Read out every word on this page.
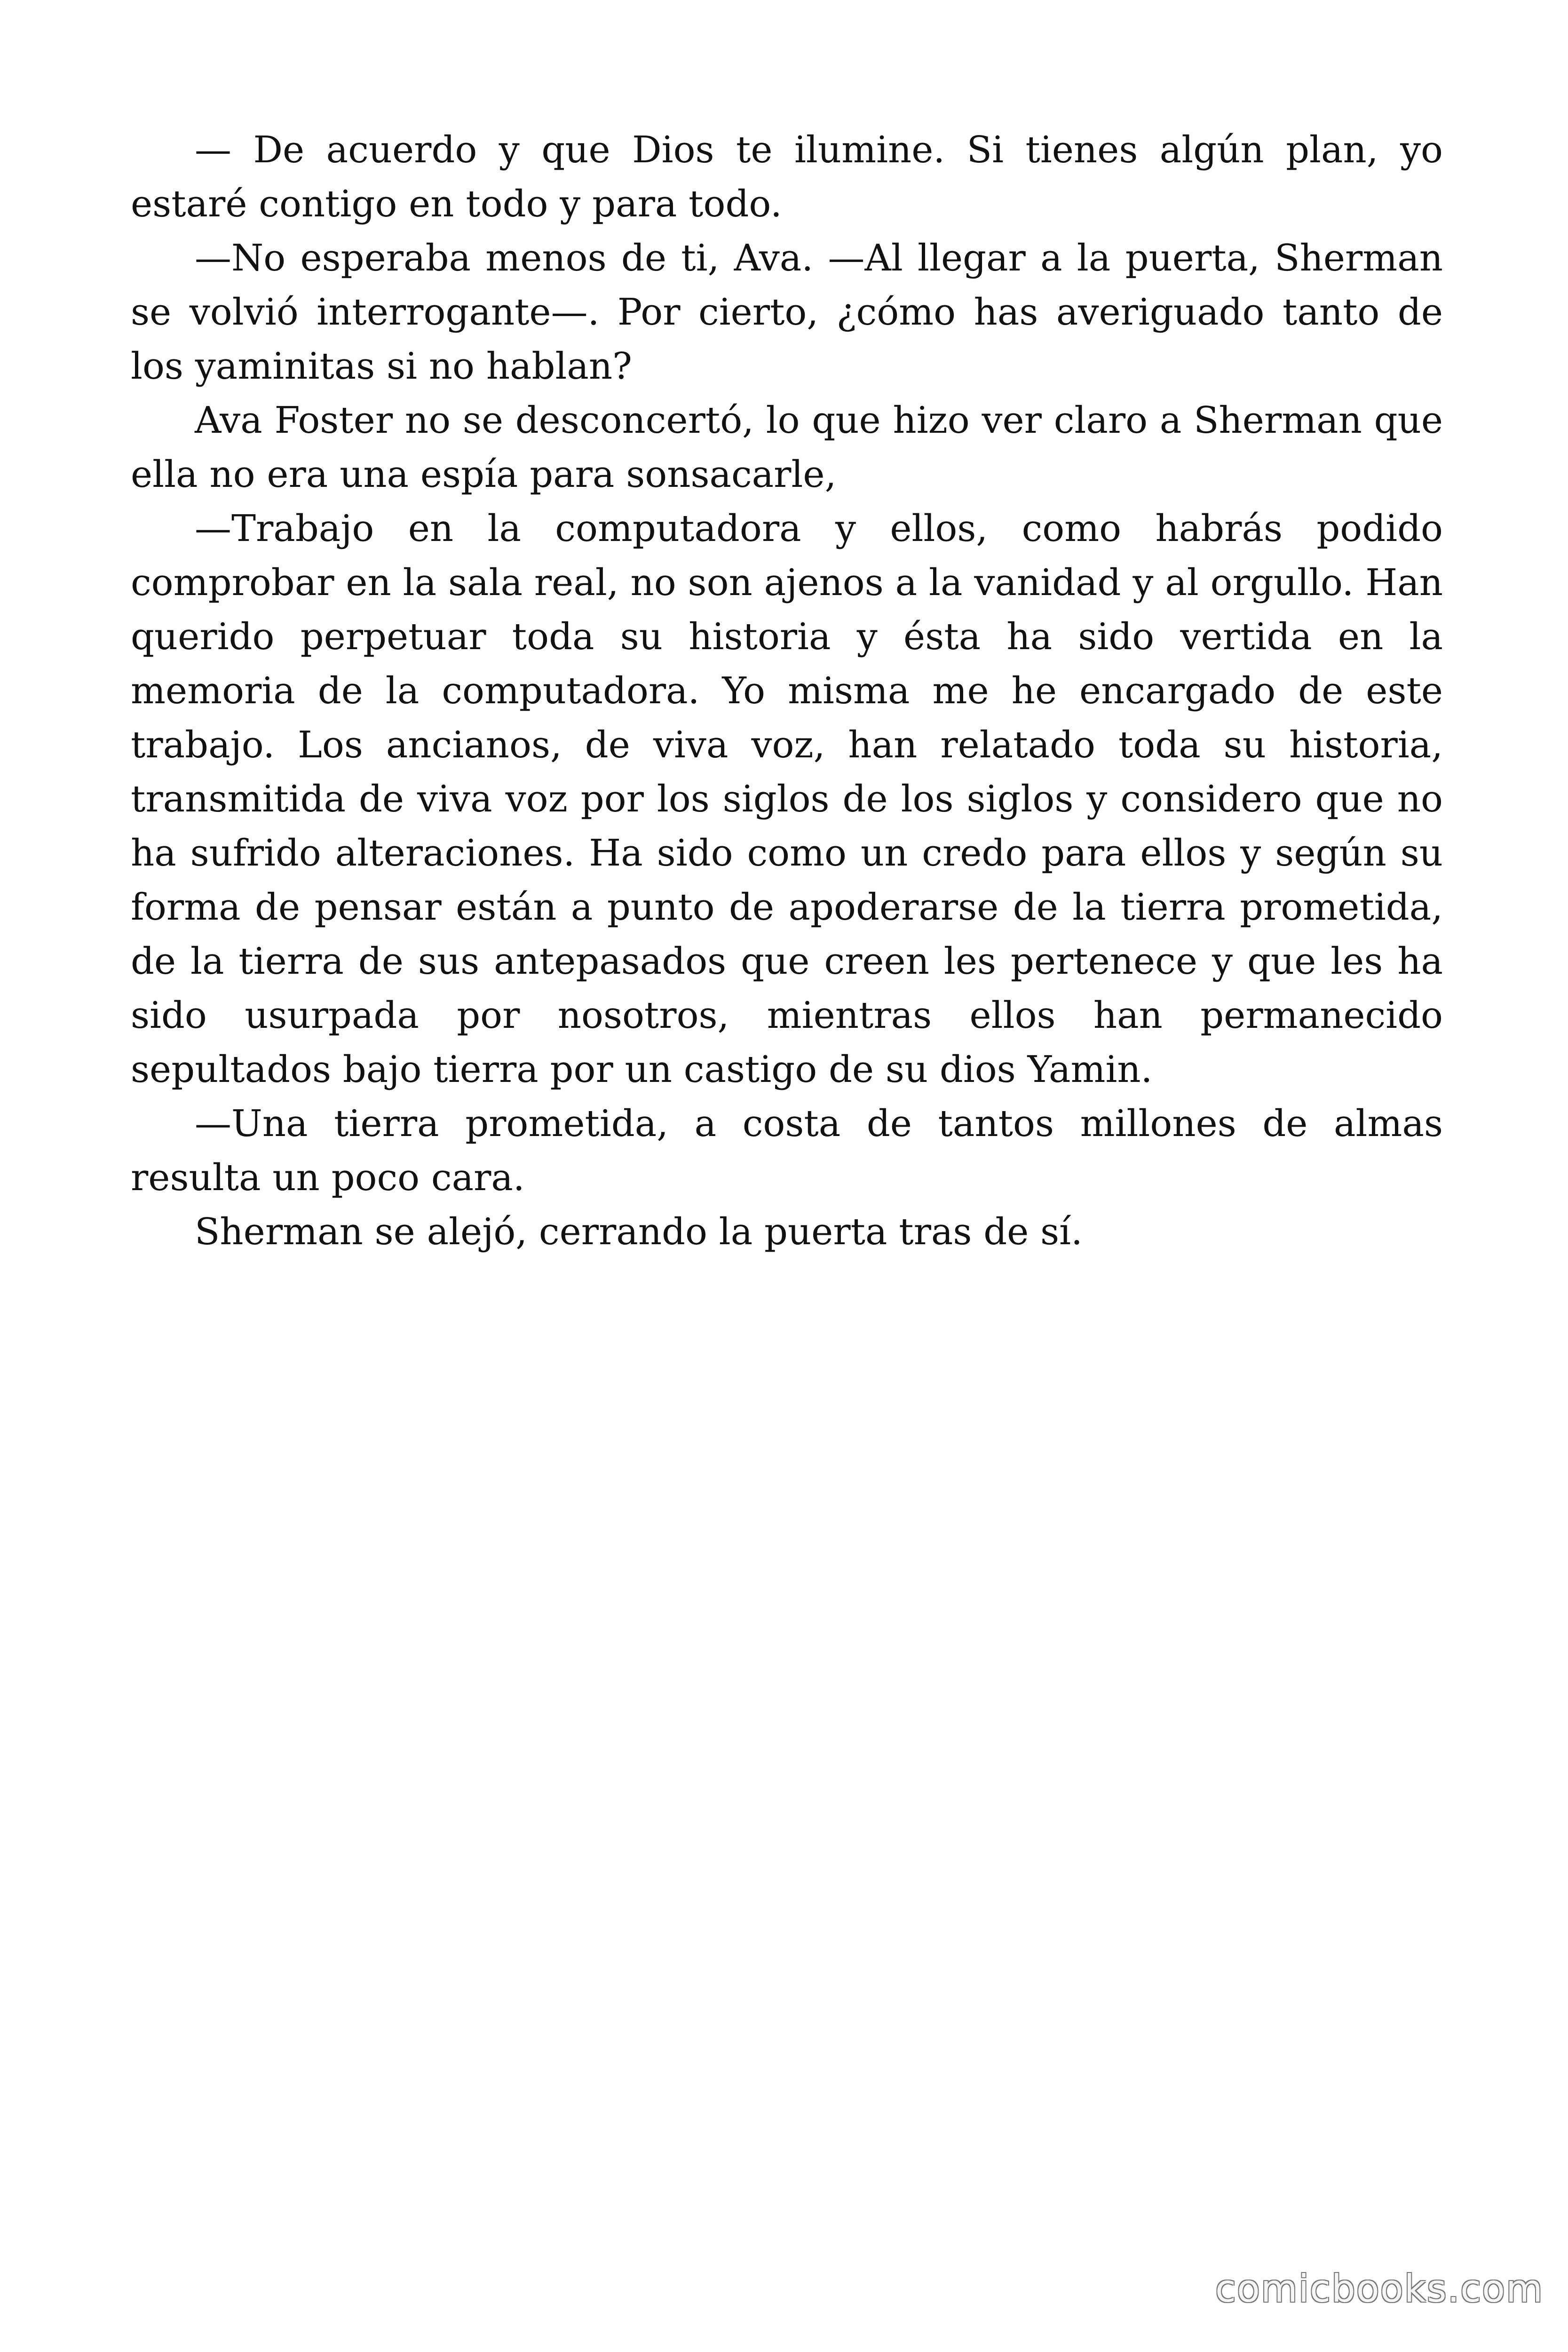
— De acuerdo y que Dios te ilumine. Si tienes algún plan, yo estaré contigo en todo y para todo.

—No esperaba menos de ti, Ava. —Al llegar a la puerta, Sherman se volvió interrogante—. Por cierto, ¿cómo has averiguado tanto de los yaminitas si no hablan?

Ava Foster no se desconcertó, lo que hizo ver claro a Sherman que ella no era una espía para sonsacarle,

—Trabajo en la computadora y ellos, como habrás podido comprobar en la sala real, no son ajenos a la vanidad y al orgullo. Han querido perpetuar toda su historia y ésta ha sido vertida en la memoria de la computadora. Yo misma me he encargado de este trabajo. Los ancianos, de viva voz, han relatado toda su historia, transmitida de viva voz por los siglos de los siglos y considero que no ha sufrido alteraciones. Ha sido como un credo para ellos y según su forma de pensar están a punto de apoderarse de la tierra prometida, de la tierra de sus antepasados que creen les pertenece y que les ha sido usurpada por nosotros, mientras ellos han permanecido sepultados bajo tierra por un castigo de su dios Yamin.

—Una tierra prometida, a costa de tantos millones de almas resulta un poco cara.

Sherman se alejó, cerrando la puerta tras de sí.

comicbooks.com
